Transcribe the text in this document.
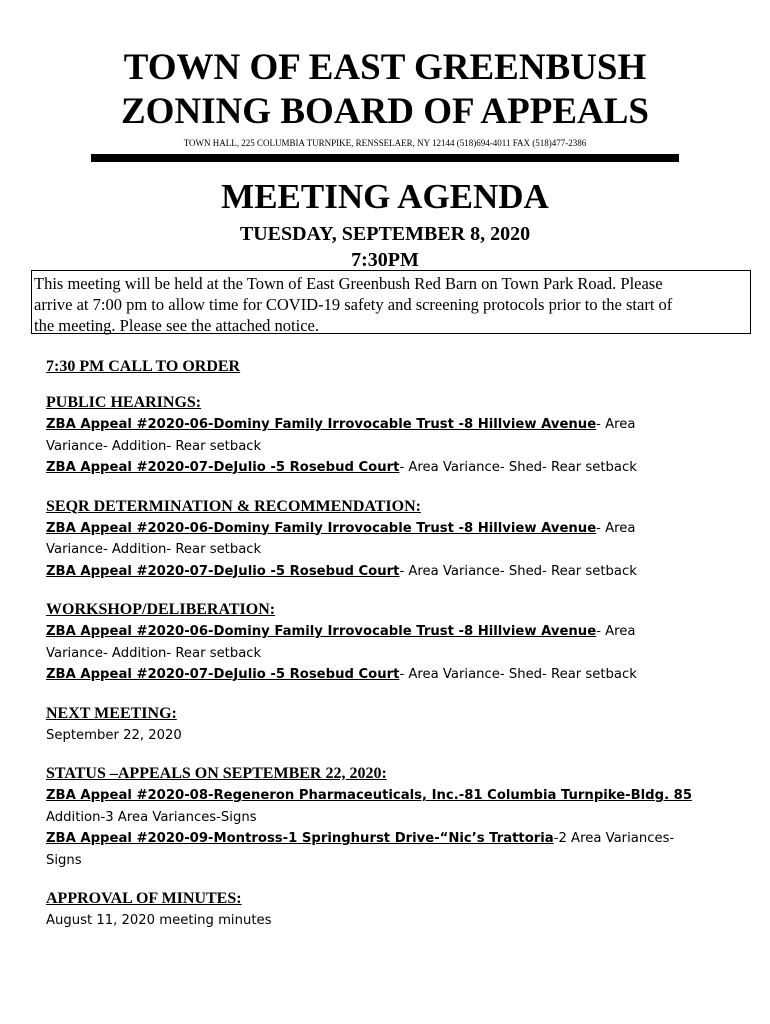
TOWN OF EAST GREENBUSH
ZONING BOARD OF APPEALS
TOWN HALL, 225 COLUMBIA TURNPIKE, RENSSELAER, NY 12144 (518)694-4011 FAX (518)477-2386
MEETING AGENDA
TUESDAY, SEPTEMBER 8, 2020
7:30PM
This meeting will be held at the Town of East Greenbush Red Barn on Town Park Road. Please
arrive at 7:00 pm to allow time for COVID-19 safety and screening protocols prior to the start of
the meeting. Please see the attached notice.

7:30 PM CALL TO ORDER

PUBLIC HEARINGS:

ZBA Appeal #2020-06-Dominy Family Irrovocable Trust -8 Hillview Avenue- Area

Variance- Addition- Rear setback

ZBA Appeal #2020-07-DeJulio -5 Rosebud Court- Area Variance- Shed- Rear setback

SEQR DETERMINATION & RECOMMENDATION:

ZBA Appeal #2020-06-Dominy Family Irrovocable Trust -8 Hillview Avenue- Area

Variance- Addition- Rear setback

ZBA Appeal #2020-07-DeJulio -5 Rosebud Court- Area Variance- Shed- Rear setback

WORKSHOP/DELIBERATION:

ZBA Appeal #2020-06-Dominy Family Irrovocable Trust -8 Hillview Avenue- Area

Variance- Addition- Rear setback

ZBA Appeal #2020-07-DeJulio -5 Rosebud Court- Area Variance- Shed- Rear setback

NEXT MEETING:

September 22, 2020

STATUS –APPEALS ON SEPTEMBER 22, 2020:

ZBA Appeal #2020-08-Regeneron Pharmaceuticals, Inc.-81 Columbia Turnpike-Bldg. 85

Addition-3 Area Variances-Signs

ZBA Appeal #2020-09-Montross-1 Springhurst Drive-“Nic’s Trattoria-2 Area Variances-

Signs

APPROVAL OF MINUTES:

August 11, 2020 meeting minutes
